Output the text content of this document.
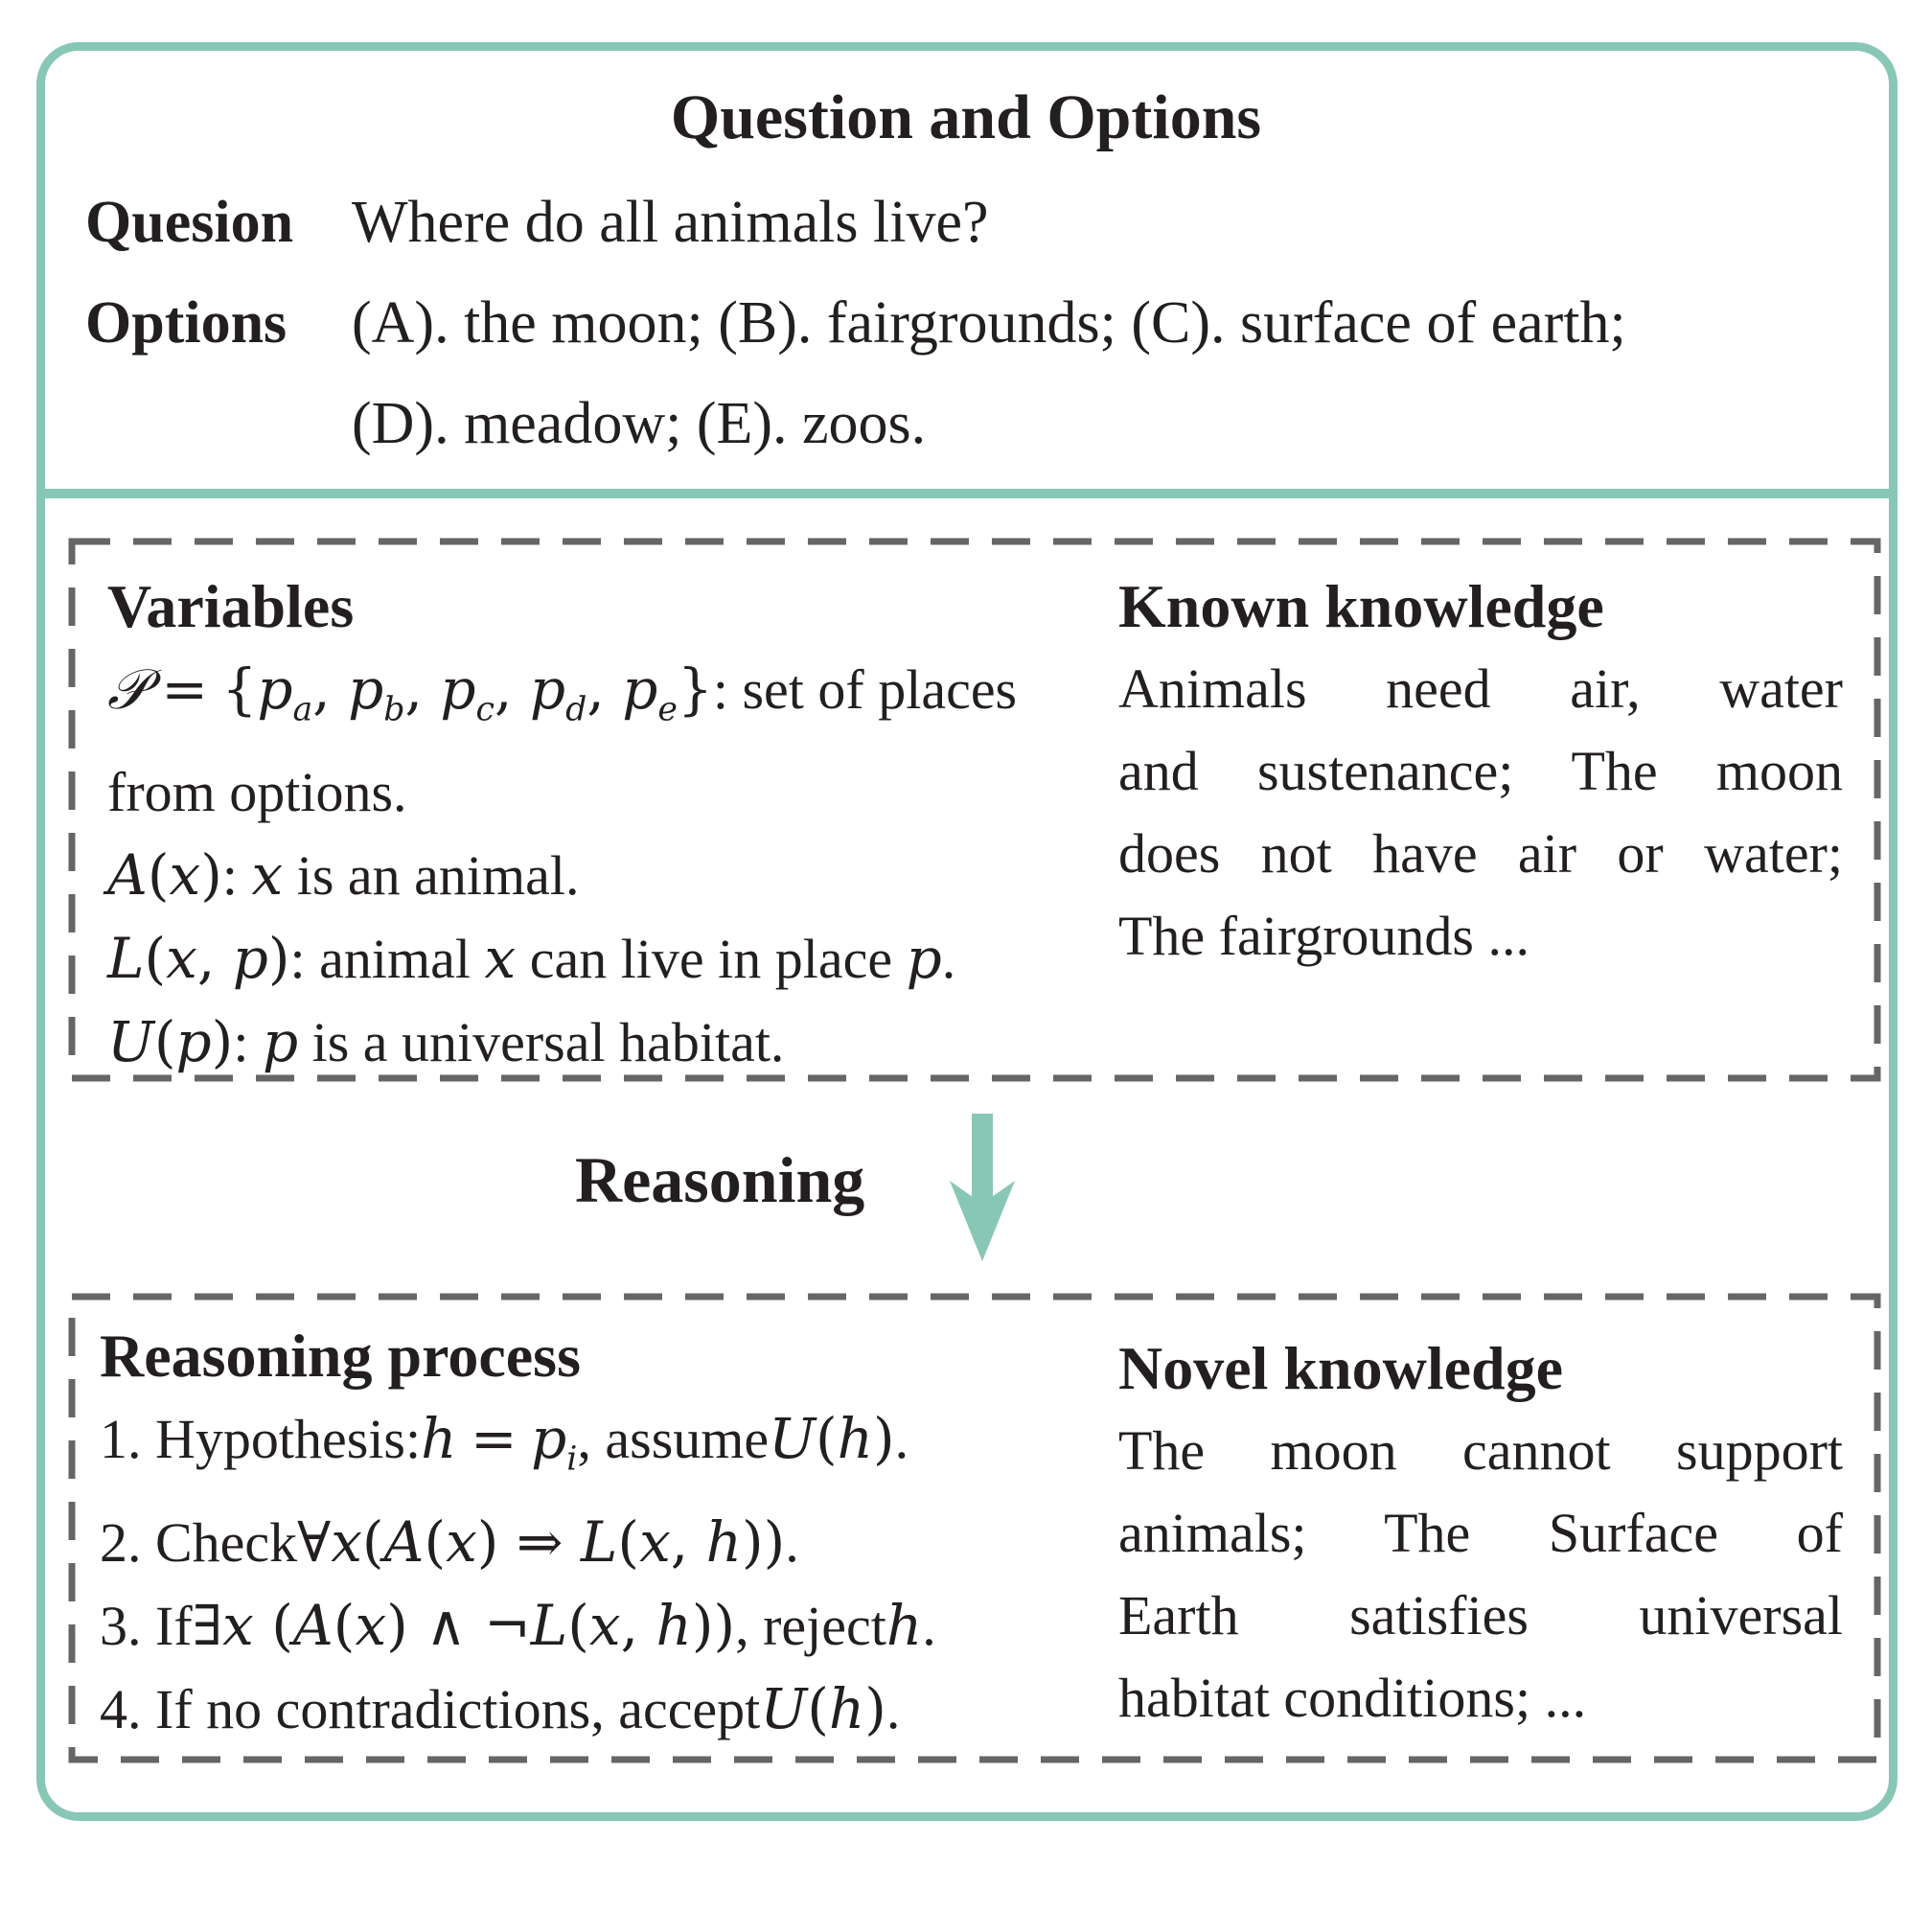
Question and Options
Quesion Where do all animals live?
Options (A). the moon; (B). fairgrounds; (C). surface of earth;
(D). meadow; (E). zoos.
Variables
𝒫 = {$p_a$, $p_b$, $p_c$, $p_d$, $p_e$}: set of places
from options.
A(x): x is an animal.
L(x, p): animal x can live in place p.
U(p): p is a universal habitat.
Known knowledge
Animals need air, water
and sustenance; The moon
does not have air or water;
The fairgrounds ...
Reasoning
Reasoning process
1. Hypothesis:h = $p_i$, assumeU(h).
2. Check∀x(A(x) ⇒ L(x, h)).
3. If∃x (A(x) ∧ ¬L(x, h)), rejecth.
4. If no contradictions, acceptU(h).
Novel knowledge
The moon cannot support
animals; The Surface of
Earth satisfies universal
habitat conditions; ...
